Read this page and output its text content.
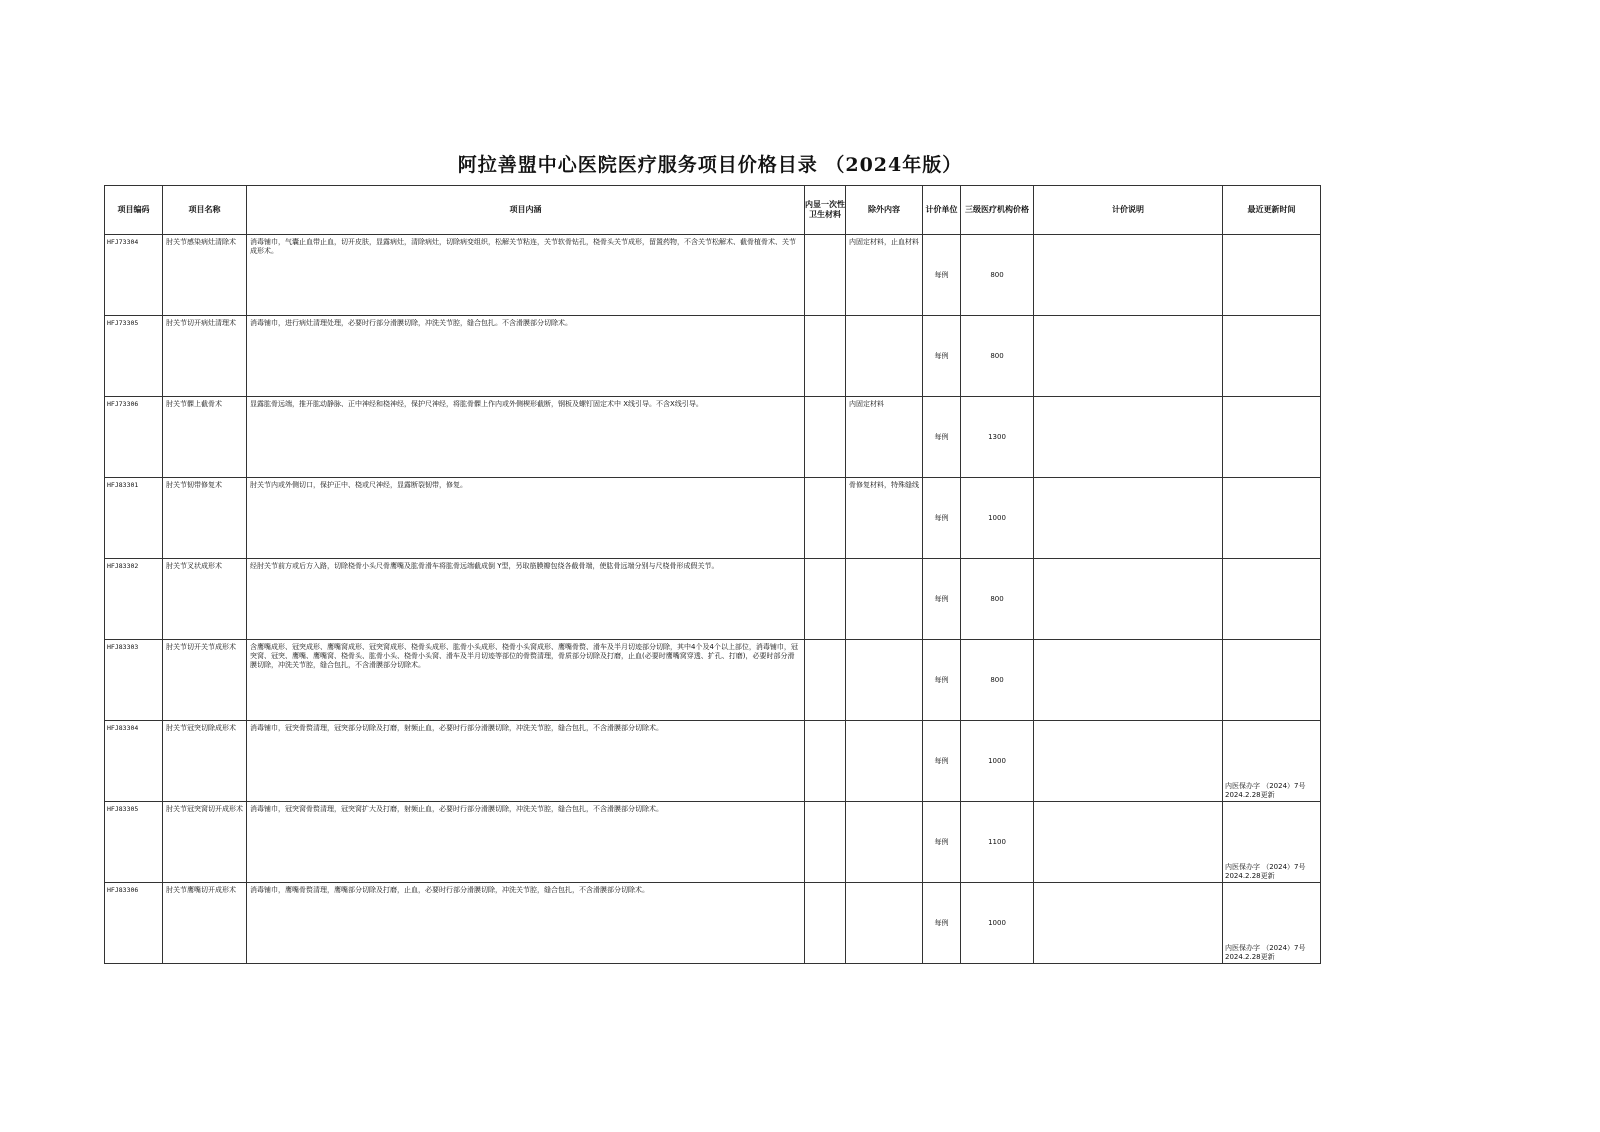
阿拉善盟中心医院医疗服务项目价格目录 （2024年版）
项目编码	项目名称	项目内涵	内显一次性卫生材料	除外内容	计价单位	三级医疗机构价格	计价说明	最近更新时间
HFJ73304	肘关节感染病灶清除术	消毒铺巾，气囊止血带止血，切开皮肤，显露病灶，清除病灶，切除病变组织，松解关节粘连，关节软骨钻孔，桡骨头关节成形，留置药物，不含关节松解术、截骨植骨术、关节成形术。		内固定材料，止血材料	每例	800		
HFJ73305	肘关节切开病灶清理术	消毒铺巾，进行病灶清理处理，必要时行部分滑膜切除，冲洗关节腔，缝合包扎。不含滑膜部分切除术。			每例	800		
HFJ73306	肘关节髁上截骨术	显露肱骨远端，推开肱动静脉、正中神经和桡神经，保护尺神经，将肱骨髁上作内或外侧楔形截断，钢板及螺钉固定术中 X线引导。不含X线引导。		内固定材料	每例	1300		
HFJ83301	肘关节韧带修复术	肘关节内或外侧切口，保护正中、桡或尺神经，显露断裂韧带，修复。		骨修复材料，特殊缝线	每例	1000		
HFJ83302	肘关节叉状成形术	经肘关节前方或后方入路，切除桡骨小头尺骨鹰嘴及肱骨滑车将肱骨远端截成倒 Y型，另取筋膜瓣包绕各截骨端，使肱骨远端分别与尺桡骨形成假关节。			每例	800		
HFJ83303	肘关节切开关节成形术	含鹰嘴成形、冠突成形、鹰嘴窝成形、冠突窝成形、桡骨头成形、肱骨小头成形、桡骨小头窝成形、鹰嘴骨赘、滑车及半月切迹部分切除，其中4个及4个以上部位，消毒铺巾，冠突窝、冠突、鹰嘴、鹰嘴窝、桡骨头、肱骨小头、桡骨小头窝、滑车及半月切迹等部位的骨赘清理，骨质部分切除及打磨，止血(必要时鹰嘴窝穿透、扩孔、打磨)，必要时部分滑膜切除，冲洗关节腔，缝合包扎，不含滑膜部分切除术。			每例	800		
HFJ83304	肘关节冠突切除成形术	消毒铺巾，冠突骨赘清理，冠突部分切除及打磨，射频止血，必要时行部分滑膜切除，冲洗关节腔，缝合包扎，不含滑膜部分切除术。			每例	1000		内医保办字 （2024）7号 2024.2.28更新
HFJ83305	肘关节冠突窝切开成形术	消毒铺巾，冠突窝骨赘清理，冠突窝扩大及打磨，射频止血，必要时行部分滑膜切除，冲洗关节腔，缝合包扎，不含滑膜部分切除术。			每例	1100		内医保办字 （2024）7号 2024.2.28更新
HFJ83306	肘关节鹰嘴切开成形术	消毒铺巾，鹰嘴骨赘清理，鹰嘴部分切除及打磨，止血，必要时行部分滑膜切除，冲洗关节腔，缝合包扎，不含滑膜部分切除术。			每例	1000		内医保办字 （2024）7号 2024.2.28更新
